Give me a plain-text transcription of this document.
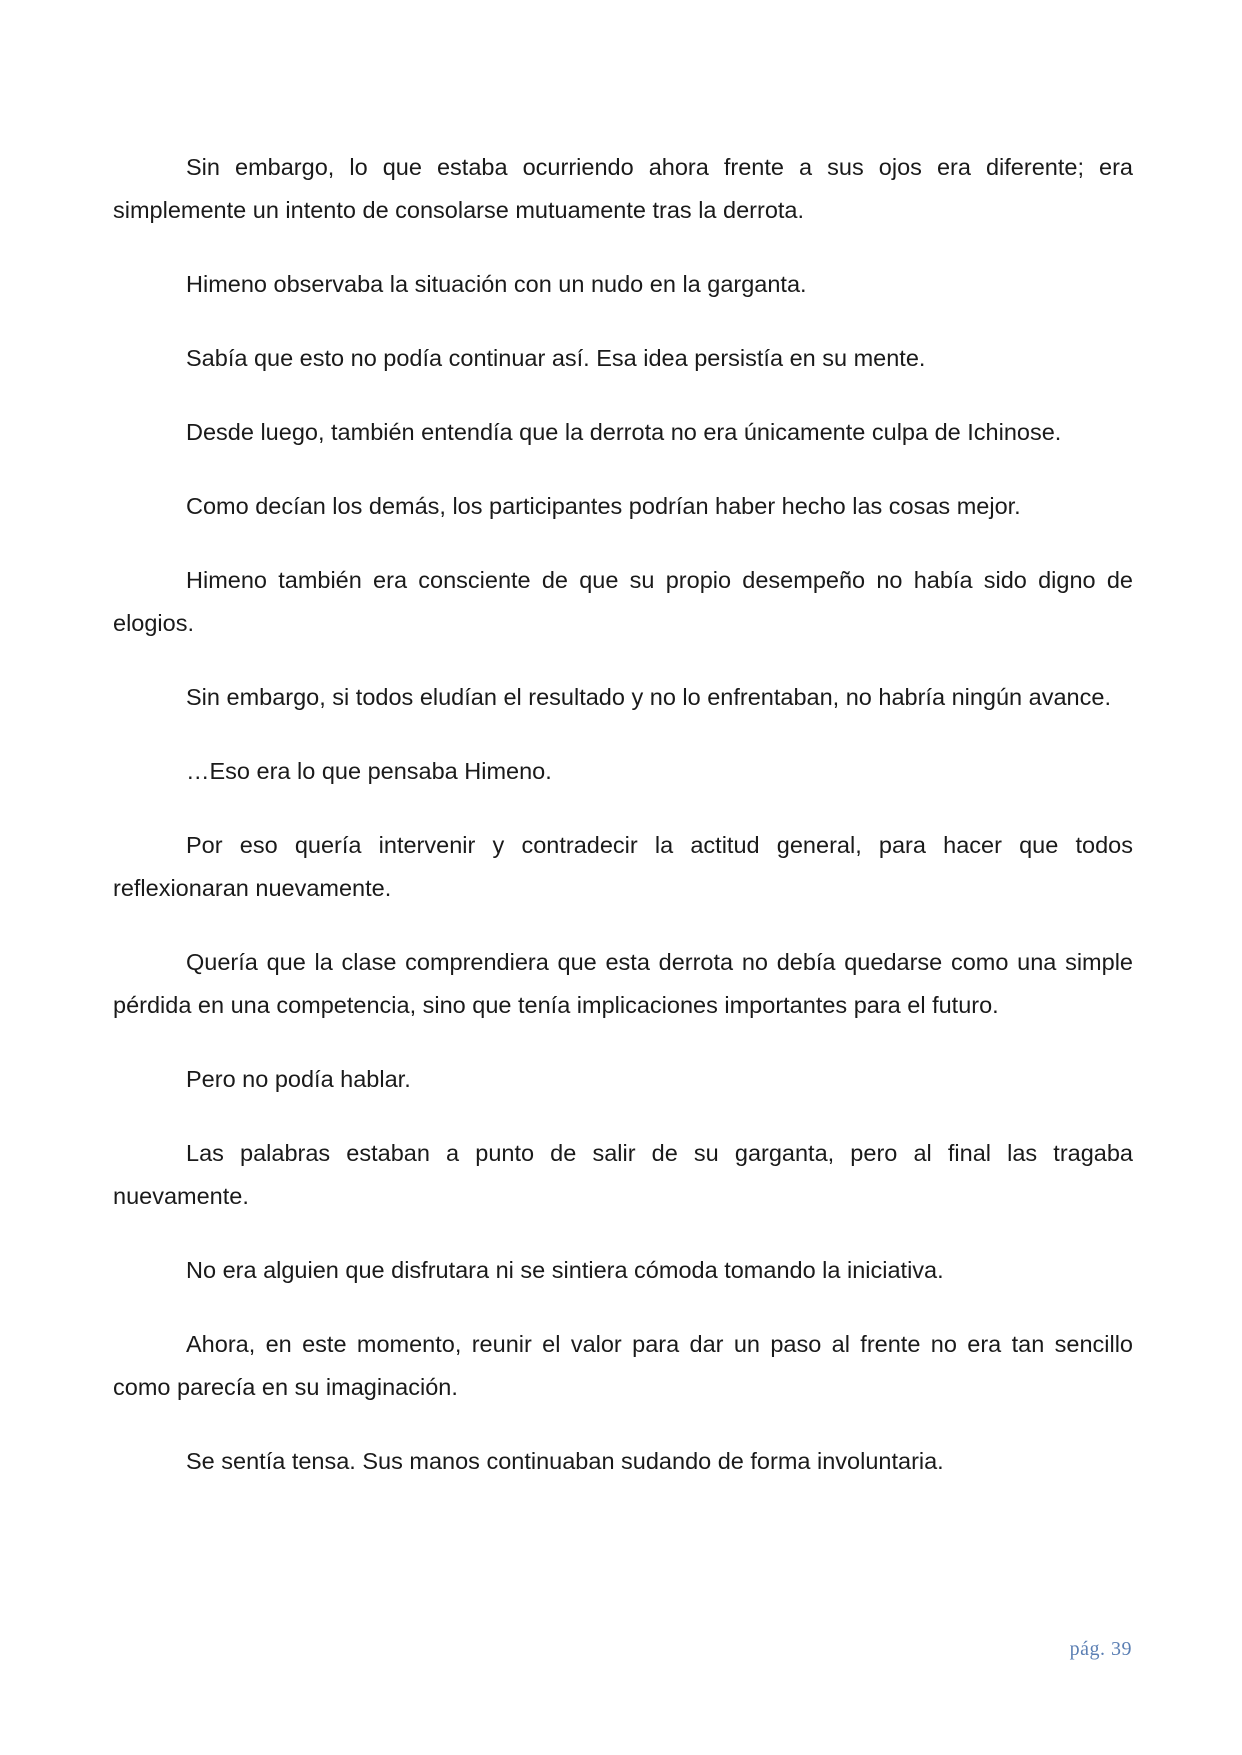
Sin embargo, lo que estaba ocurriendo ahora frente a sus ojos era diferente; era simplemente un intento de consolarse mutuamente tras la derrota.

Himeno observaba la situación con un nudo en la garganta.

Sabía que esto no podía continuar así. Esa idea persistía en su mente.

Desde luego, también entendía que la derrota no era únicamente culpa de Ichinose.

Como decían los demás, los participantes podrían haber hecho las cosas mejor.

Himeno también era consciente de que su propio desempeño no había sido digno de elogios.

Sin embargo, si todos eludían el resultado y no lo enfrentaban, no habría ningún avance.

…Eso era lo que pensaba Himeno.

Por eso quería intervenir y contradecir la actitud general, para hacer que todos reflexionaran nuevamente.

Quería que la clase comprendiera que esta derrota no debía quedarse como una simple pérdida en una competencia, sino que tenía implicaciones importantes para el futuro.

Pero no podía hablar.

Las palabras estaban a punto de salir de su garganta, pero al final las tragaba nuevamente.

No era alguien que disfrutara ni se sintiera cómoda tomando la iniciativa.

Ahora, en este momento, reunir el valor para dar un paso al frente no era tan sencillo como parecía en su imaginación.

Se sentía tensa. Sus manos continuaban sudando de forma involuntaria.

pág. 39
